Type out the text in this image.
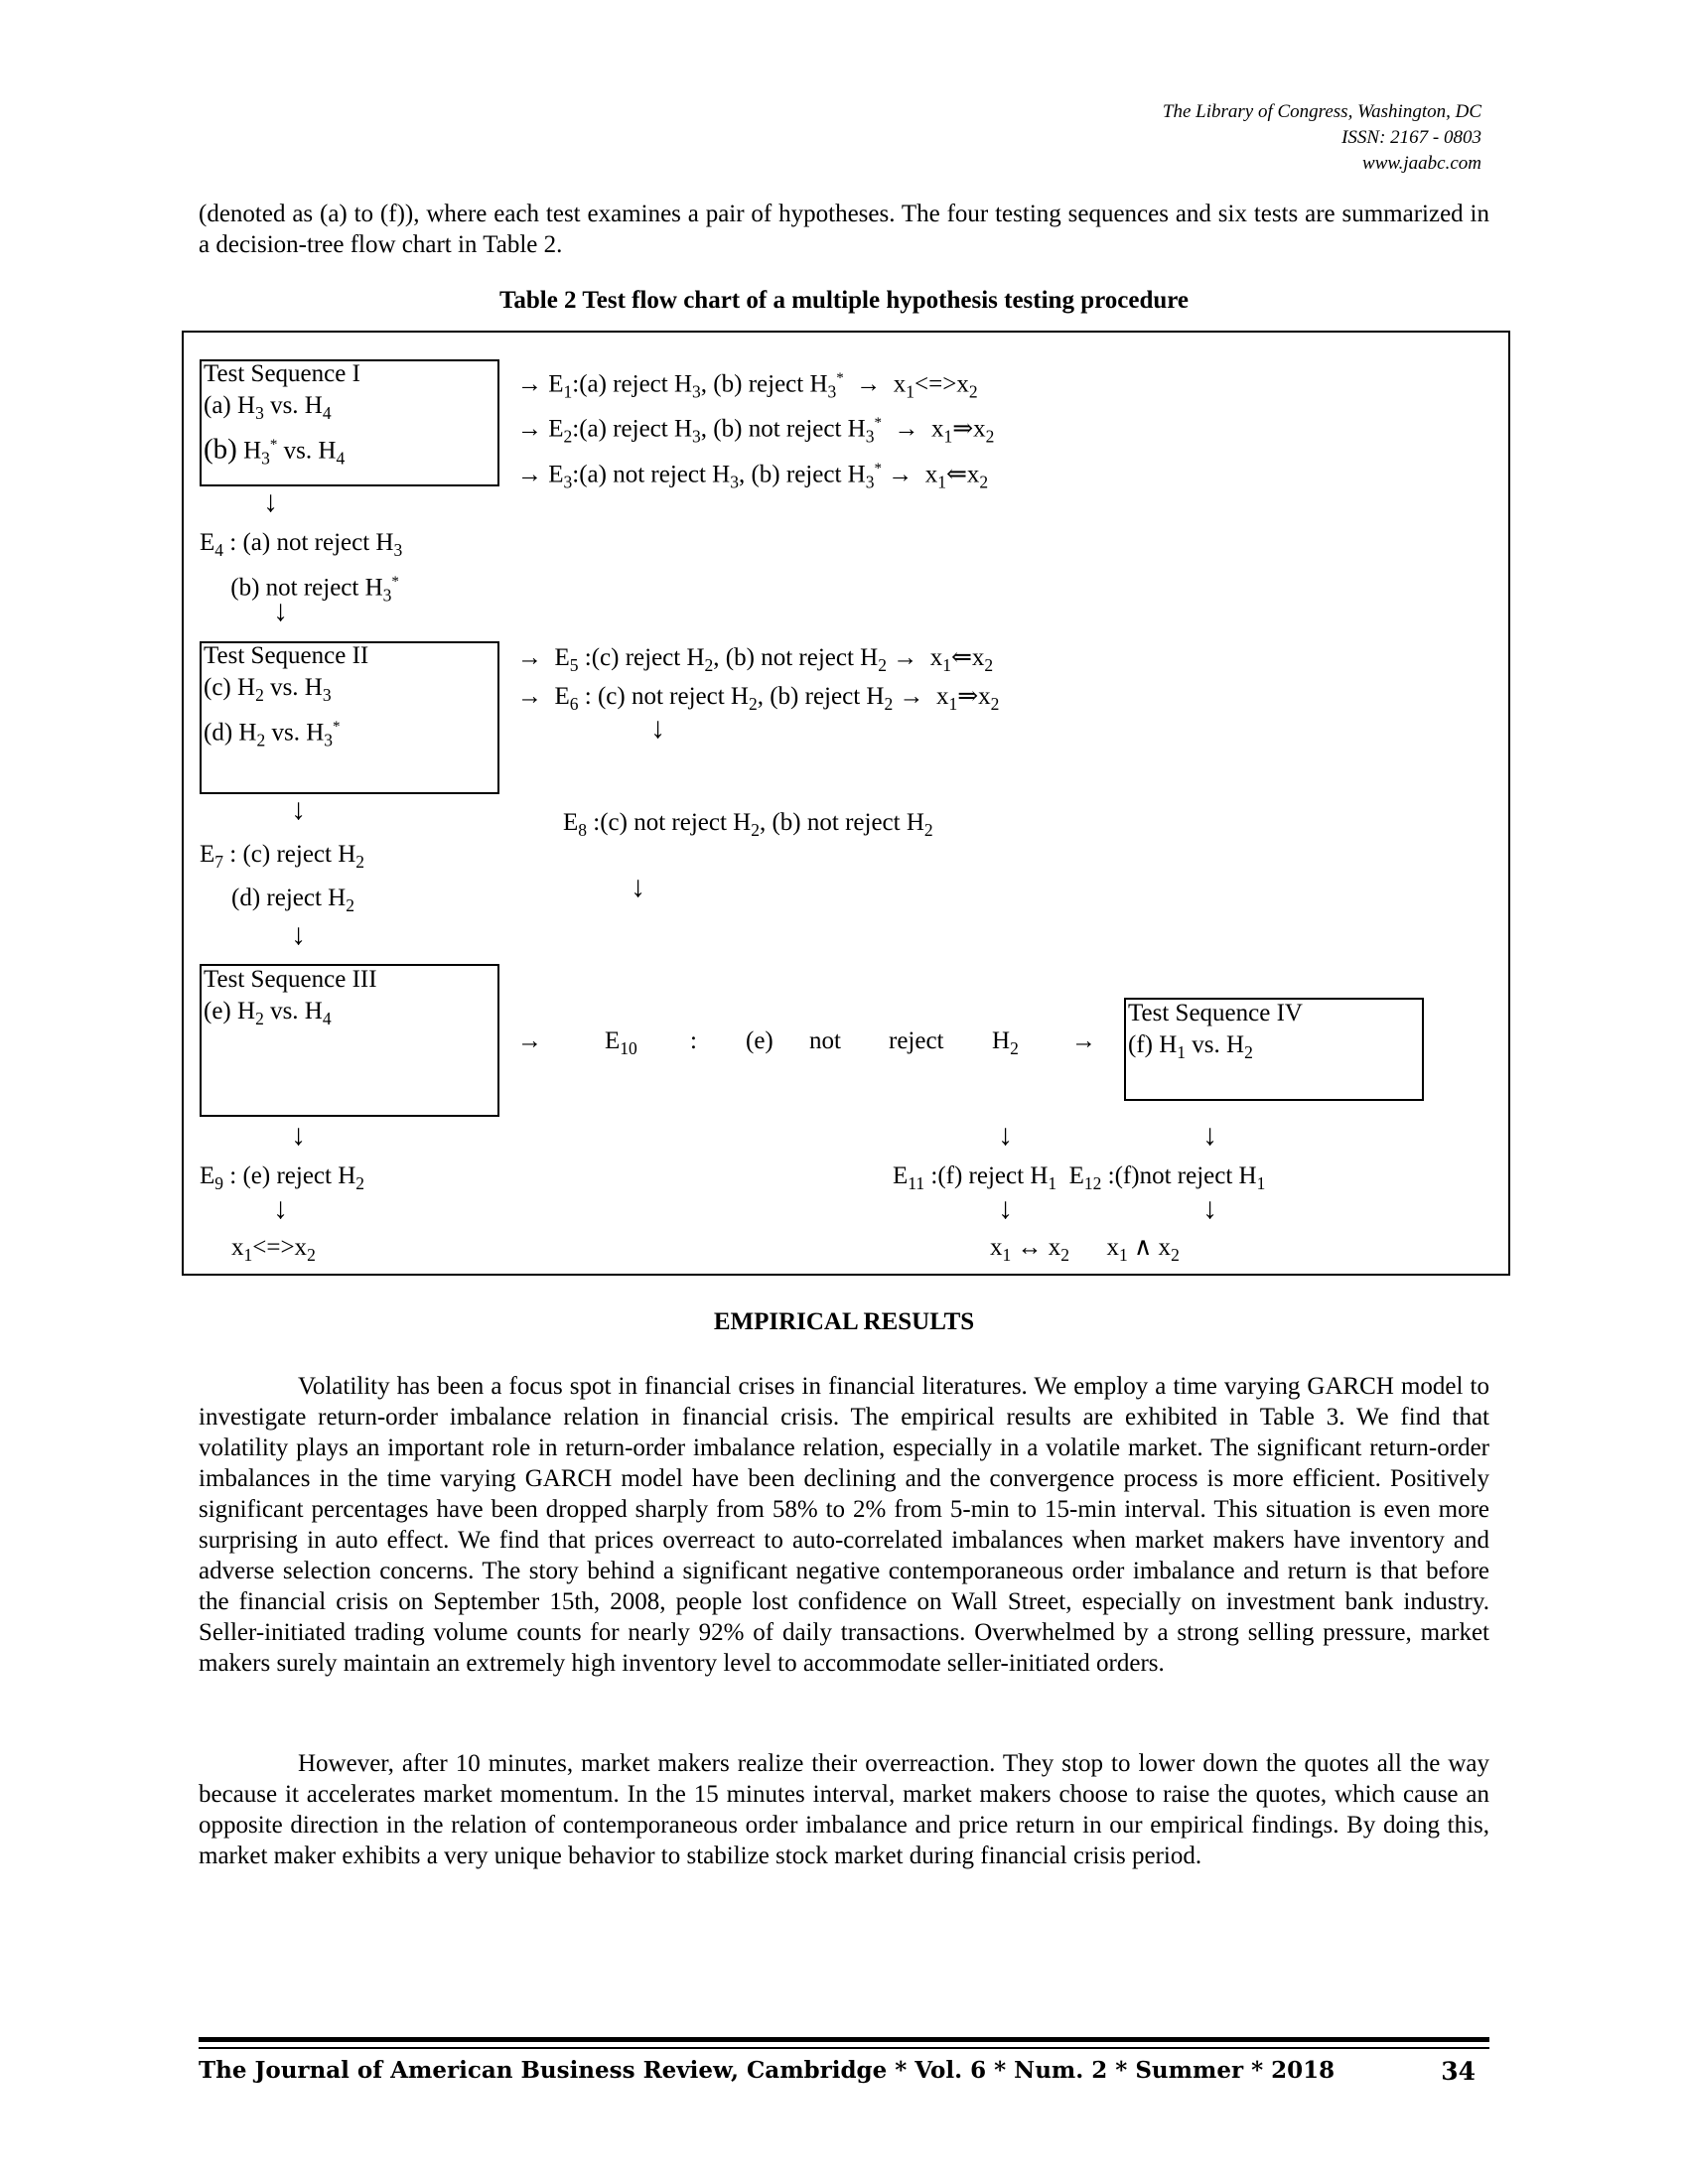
The Library of Congress, Washington, DC
ISSN: 2167 - 0803
www.jaabc.com

(denoted as (a) to (f)), where each test examines a pair of hypotheses. The four testing sequences and six tests are summarized in a decision-tree flow chart in Table 2.

Table 2 Test flow chart of a multiple hypothesis testing procedure
Test Sequence I
(a) $H_3$ vs. $H_4$
(b) $H_3^*$ vs. $H_4$
→ $E_1:(a)$ reject $H_3$, (b) reject $H_3^* \to x_1<=>x_2$
→ $E_2:(a)$ reject $H_3$, (b) not reject $H_3^*$  →  $x_1\Rightarrow x_2$
→ $E_3:(a)$ not reject $H_3$, (b) reject $H_3^*$ →  $x_1⇐x_2$
↓
$E_4$ : (a) not reject $H_3$
(b) not reject $H_3^*$
↓
Test Sequence II
(c) $H_2$ vs. $H_3$
(d) $H_2$ vs. $H_3^*$
→  $E_5$ :(c) reject $H_2$, (b) not reject $H_2$ →  $x_1⇐x_2$
→  $E_6$ : (c) not reject $H_2$, (b) reject $H_2$ →  $x_1\Rightarrow x_2$
↓
↓	$E_8$ :(c) not reject $H_2$, (b) not reject $H_2$
$E_7$ : (c) reject $H_2$
↓
(d) reject $H_2$
↓
Test Sequence III
(e) $H_2$ vs. $H_4$
→	$E_{10}$ : (e) not reject $H_2$ →
Test Sequence IV
(f) $H_1$ vs. $H_2$
↓	↓	↓
$E_9$ : (e) reject $H_2$	$E_{11}$ :(f) reject $H_1$  $E_{12}$ :(f)not reject $H_1$
↓	↓	↓
$x_1<=>x_2$	$x_1$ ↔ $x_2$      $x_1$ ∧ $x_2$
EMPIRICAL RESULTS

Volatility has been a focus spot in financial crises in financial literatures. We employ a time varying GARCH model to investigate return-order imbalance relation in financial crisis. The empirical results are exhibited in Table 3. We find that volatility plays an important role in return-order imbalance relation, especially in a volatile market. The significant return-order imbalances in the time varying GARCH model have been declining and the convergence process is more efficient. Positively significant percentages have been dropped sharply from 58% to 2% from 5-min to 15-min interval. This situation is even more surprising in auto effect. We find that prices overreact to auto-correlated imbalances when market makers have inventory and adverse selection concerns. The story behind a significant negative contemporaneous order imbalance and return is that before the financial crisis on September 15th, 2008, people lost confidence on Wall Street, especially on investment bank industry. Seller-initiated trading volume counts for nearly 92% of daily transactions. Overwhelmed by a strong selling pressure, market makers surely maintain an extremely high inventory level to accommodate seller-initiated orders.

However, after 10 minutes, market makers realize their overreaction. They stop to lower down the quotes all the way because it accelerates market momentum. In the 15 minutes interval, market makers choose to raise the quotes, which cause an opposite direction in the relation of contemporaneous order imbalance and price return in our empirical findings. By doing this, market maker exhibits a very unique behavior to stabilize stock market during financial crisis period.

The Journal of American Business Review, Cambridge * Vol. 6 * Num. 2 * Summer * 2018	34
